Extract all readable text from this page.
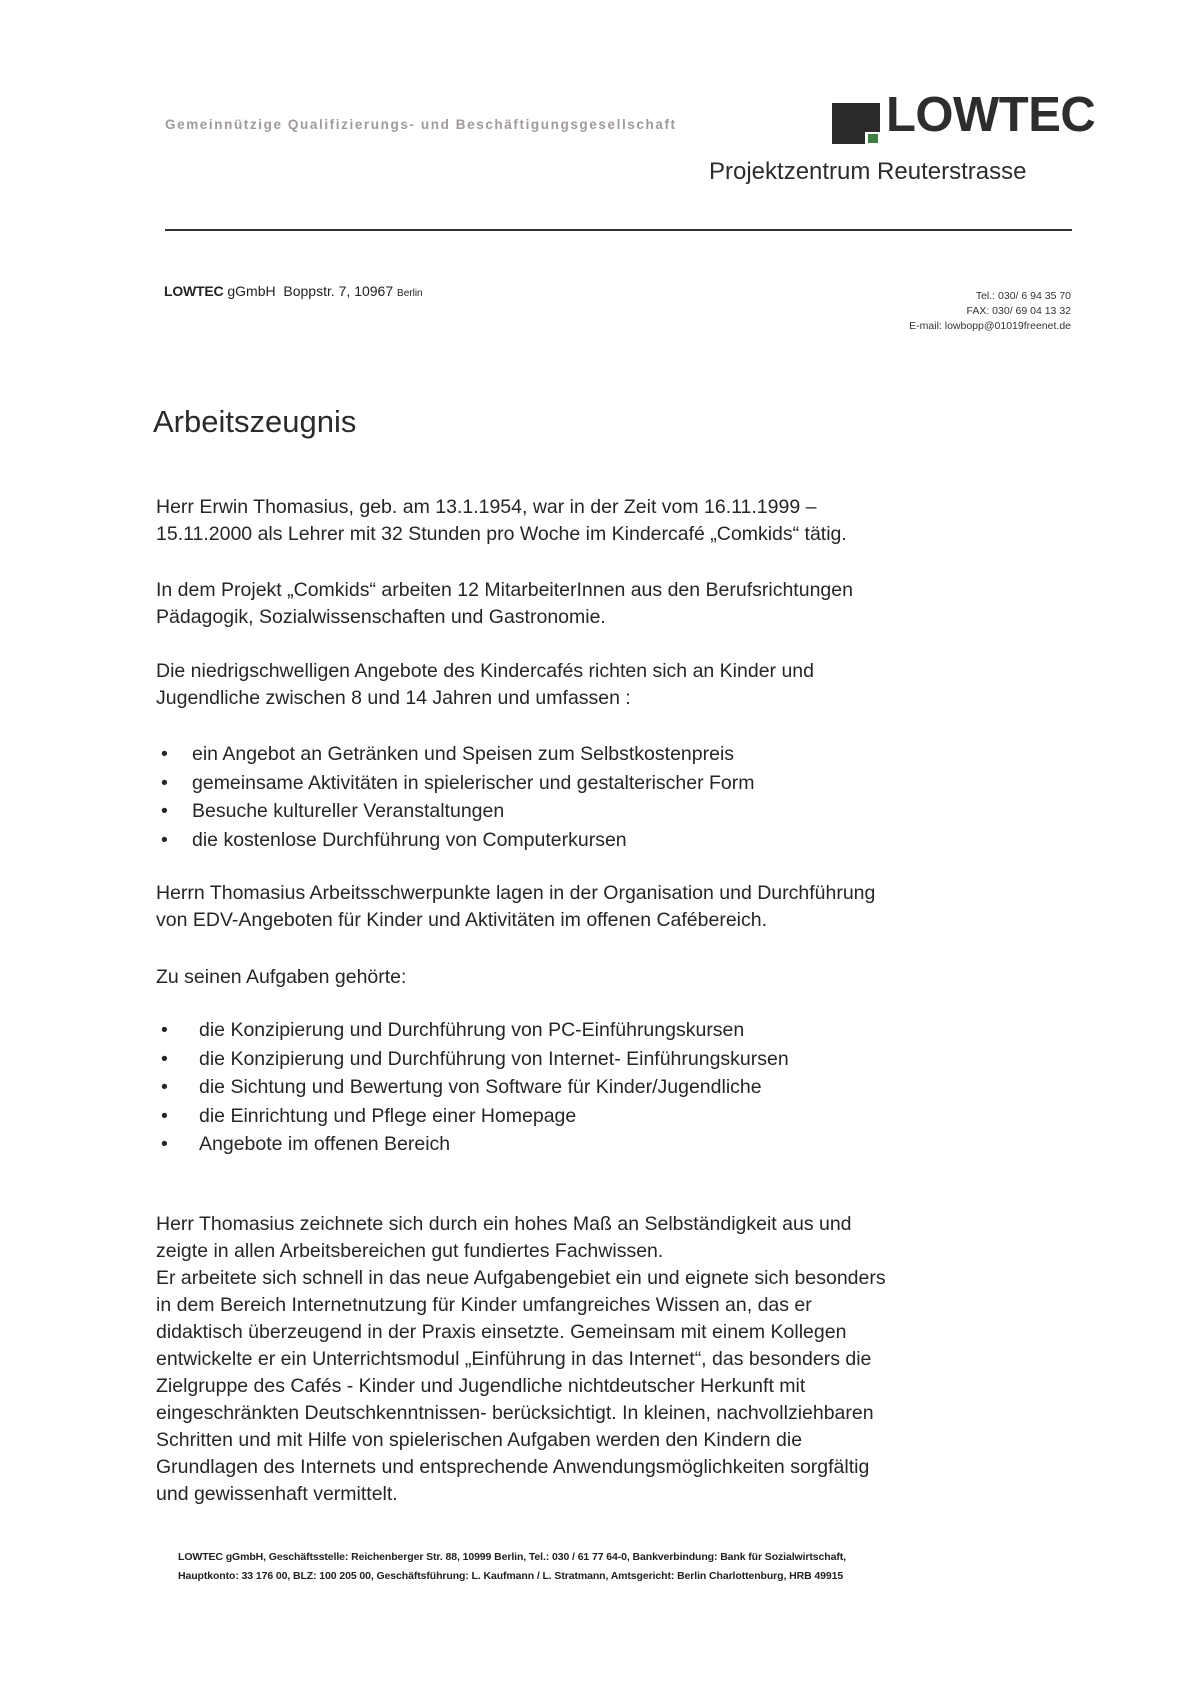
Gemeinnützige Qualifizierungs- und Beschäftigungsgesellschaft	LOWTEC
Projektzentrum Reuterstrasse
LOWTEC gGmbH Boppstr. 7, 10967 Berlin	Tel.: 030/ 6 94 35 70
FAX: 030/ 69 04 13 32
E-mail: lowbopp@01019freenet.de
Arbeitszeugnis
Herr Erwin Thomasius, geb. am 13.1.1954, war in der Zeit vom 16.11.1999 –
15.11.2000 als Lehrer mit 32 Stunden pro Woche im Kindercafé „Comkids“ tätig.
In dem Projekt „Comkids“ arbeiten 12 MitarbeiterInnen aus den Berufsrichtungen
Pädagogik, Sozialwissenschaften und Gastronomie.
Die niedrigschwelligen Angebote des Kindercafés richten sich an Kinder und
Jugendliche zwischen 8 und 14 Jahren und umfassen :
• ein Angebot an Getränken und Speisen zum Selbstkostenpreis
• gemeinsame Aktivitäten in spielerischer und gestalterischer Form
• Besuche kultureller Veranstaltungen
• die kostenlose Durchführung von Computerkursen
Herrn Thomasius Arbeitsschwerpunkte lagen in der Organisation und Durchführung
von EDV-Angeboten für Kinder und Aktivitäten im offenen Cafébereich.
Zu seinen Aufgaben gehörte:
• die Konzipierung und Durchführung von PC-Einführungskursen
• die Konzipierung und Durchführung von Internet- Einführungskursen
• die Sichtung und Bewertung von Software für Kinder/Jugendliche
• die Einrichtung und Pflege einer Homepage
• Angebote im offenen Bereich
Herr Thomasius zeichnete sich durch ein hohes Maß an Selbständigkeit aus und
zeigte in allen Arbeitsbereichen gut fundiertes Fachwissen.
Er arbeitete sich schnell in das neue Aufgabengebiet ein und eignete sich besonders
in dem Bereich Internetnutzung für Kinder umfangreiches Wissen an, das er
didaktisch überzeugend in der Praxis einsetzte. Gemeinsam mit einem Kollegen
entwickelte er ein Unterrichtsmodul „Einführung in das Internet“, das besonders die
Zielgruppe des Cafés - Kinder und Jugendliche nichtdeutscher Herkunft mit
eingeschränkten Deutschkenntnissen- berücksichtigt. In kleinen, nachvollziehbaren
Schritten und mit Hilfe von spielerischen Aufgaben werden den Kindern die
Grundlagen des Internets und entsprechende Anwendungsmöglichkeiten sorgfältig
und gewissenhaft vermittelt.
LOWTEC gGmbH, Geschäftsstelle: Reichenberger Str. 88, 10999 Berlin, Tel.: 030 / 61 77 64-0, Bankverbindung: Bank für Sozialwirtschaft,
Hauptkonto: 33 176 00, BLZ: 100 205 00, Geschäftsführung: L. Kaufmann / L. Stratmann, Amtsgericht: Berlin Charlottenburg, HRB 49915
